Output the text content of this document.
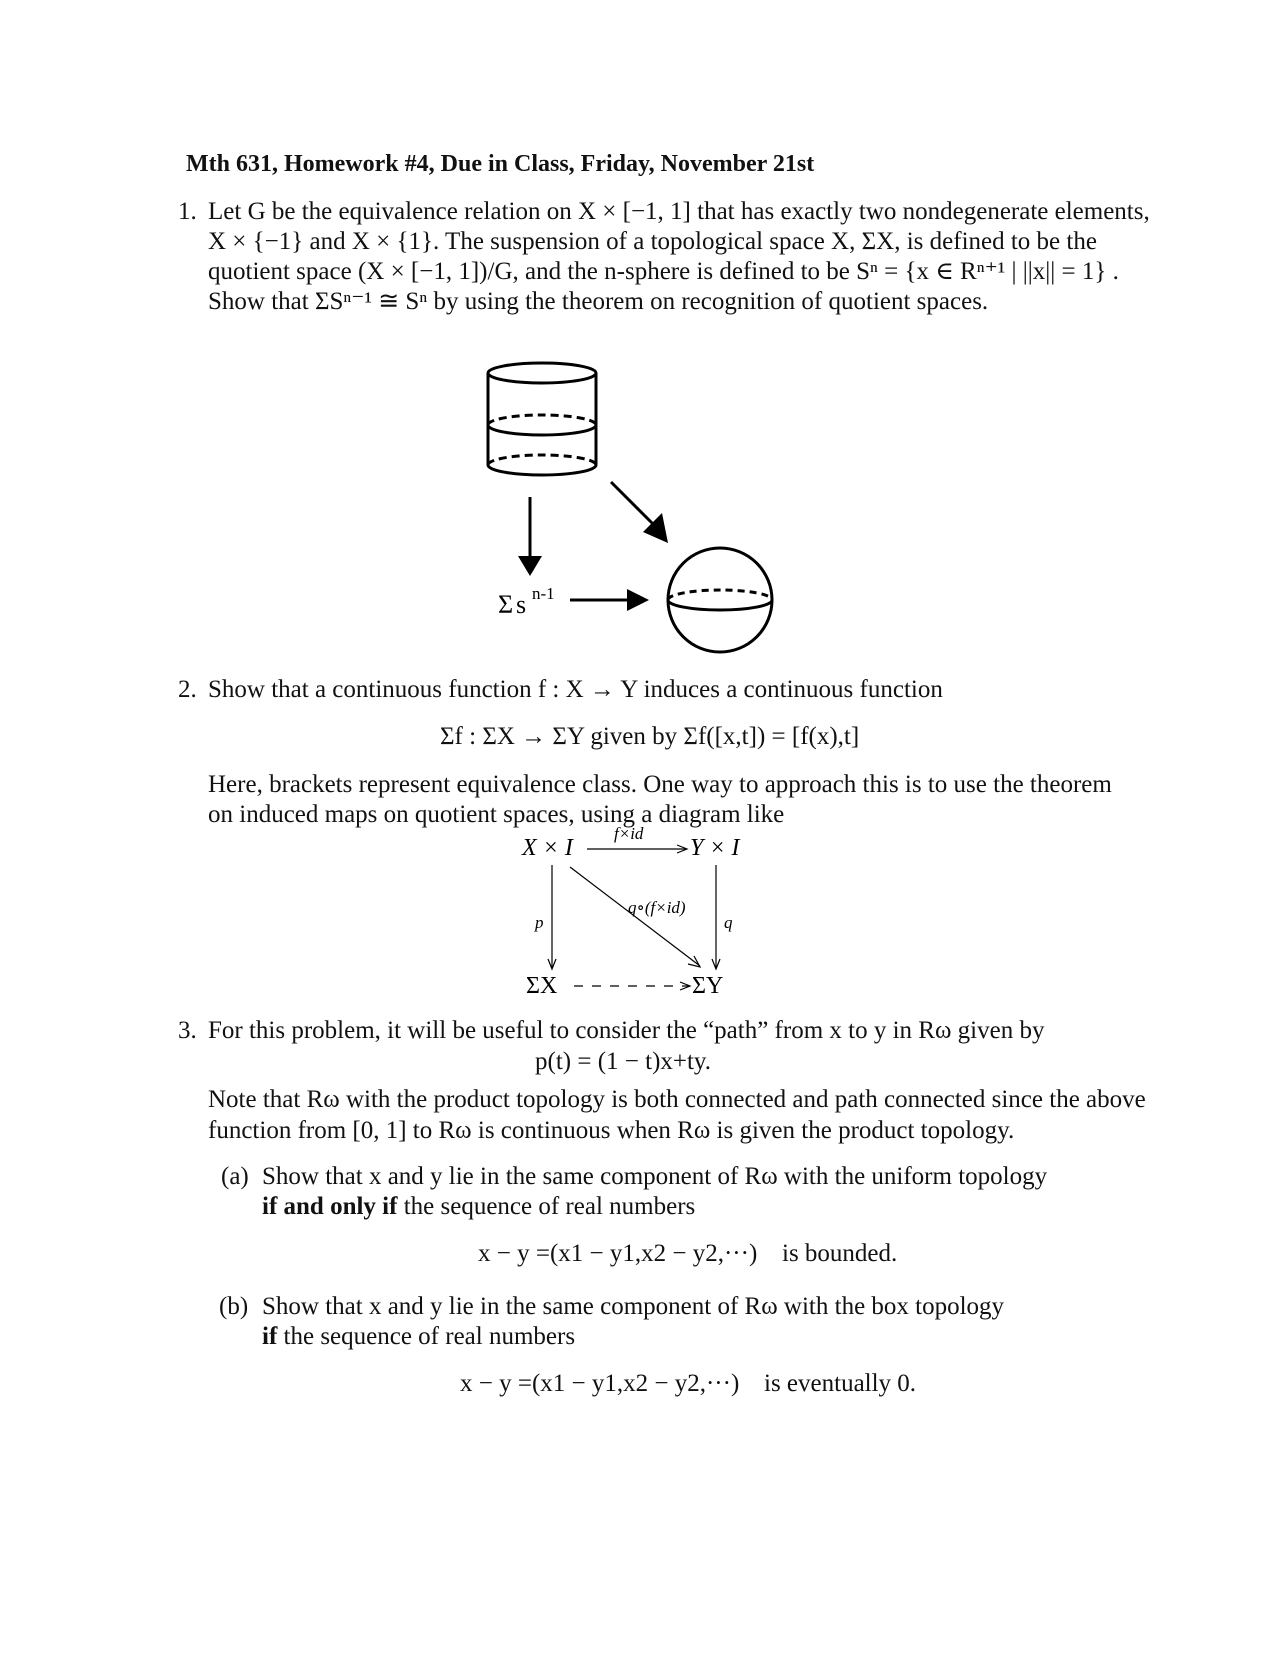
Mth 631, Homework #4, Due in Class, Friday, November 21st
1. Let G be the equivalence relation on X × [−1, 1] that has exactly two nondegenerate elements,
X × {−1} and X × {1}. The suspension of a topological space X, ΣX, is defined to be the
quotient space (X × [−1, 1])/G, and the n-sphere is defined to be Sⁿ = {x ∈ Rⁿ⁺¹ | ||x|| = 1} .
Show that ΣSⁿ⁻¹ ≅ Sⁿ by using the theorem on recognition of quotient spaces.
Σ s n-1
2. Show that a continuous function f : X → Y induces a continuous function
Σf : ΣX → ΣY given by Σf([x,t]) = [f(x),t]
Here, brackets represent equivalence class. One way to approach this is to use the theorem
on induced maps on quotient spaces, using a diagram like
X × I	Y × I
f×id
p	q
q∘(f×id)
ΣX	ΣY
3. For this problem, it will be useful to consider the “path” from x to y in Rω given by
p(t) = (1 − t)x+ty.
Note that Rω with the product topology is both connected and path connected since the above
function from [0, 1] to Rω is continuous when Rω is given the product topology.
(a) Show that x and y lie in the same component of Rω with the uniform topology
if and only if the sequence of real numbers
x − y =(x1 − y1,x2 − y2,···) is bounded.
(b) Show that x and y lie in the same component of Rω with the box topology
if the sequence of real numbers
x − y =(x1 − y1,x2 − y2,···) is eventually 0.
